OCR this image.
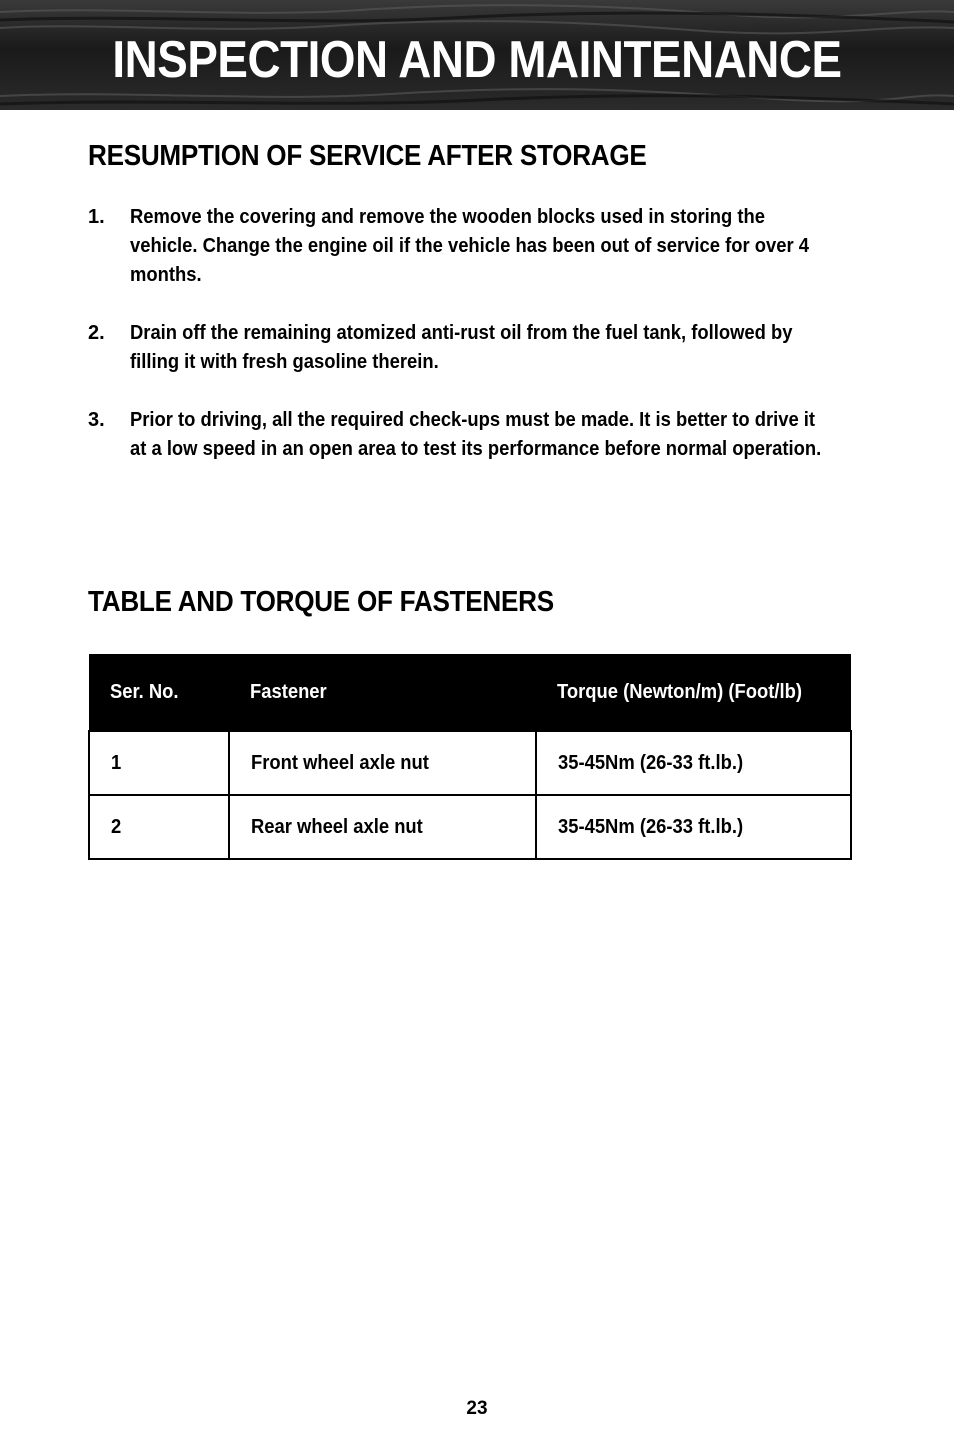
INSPECTION AND MAINTENANCE
RESUMPTION OF SERVICE AFTER STORAGE
1. Remove the covering and remove the wooden blocks used in storing the vehicle. Change the engine oil if the vehicle has been out of service for over 4 months.
2. Drain off the remaining atomized anti-rust oil from the fuel tank, followed by filling it with fresh gasoline therein.
3. Prior to driving, all the required check-ups must be made. It is better to drive it at a low speed in an open area to test its performance before normal operation.
TABLE AND TORQUE OF FASTENERS
Ser. No.	Fastener	Torque (Newton/m) (Foot/lb)
1	Front wheel axle nut	35-45Nm (26-33 ft.lb.)
2	Rear wheel axle nut	35-45Nm (26-33 ft.lb.)
23
